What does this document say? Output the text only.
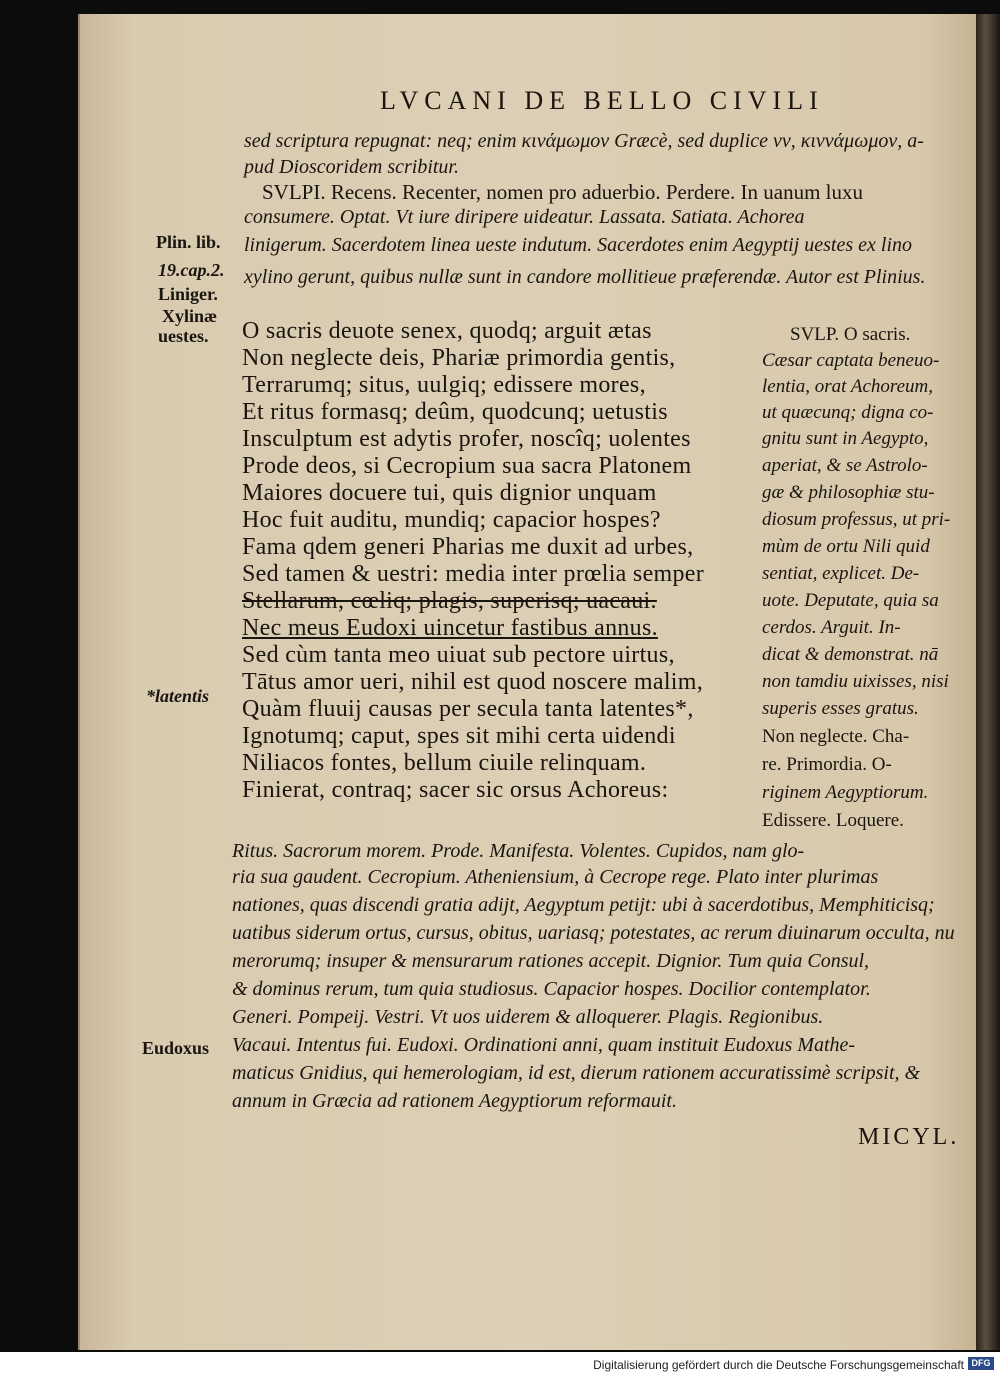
LVCANI DE BELLO CIVILI
sed scriptura repugnat: neq; enim κινάμωμον Græcè, sed duplice νν, κιννάμωμον, a-
pud Dioscoridem scribitur.
SVLPI. Recens. Recenter, nomen pro aduerbio. Perdere. In uanum luxu
consumere. Optat. Vt iure diripere uideatur. Lassata. Satiata. Achorea
linigerum. Sacerdotem linea ueste indutum. Sacerdotes enim Aegyptij uestes ex lino
xylino gerunt, quibus nullæ sunt in candore mollitieue præferendæ. Autor est Plinius.
Plin. lib.
19.cap.2.
Liniger.
Xylinæ
uestes.
*latentis
Eudoxus
O sacris deuote senex, quodq; arguit ætas
Non neglecte deis, Phariæ primordia gentis,
Terrarumq; situs, uulgiq; edissere mores,
Et ritus formasq; deûm, quodcunq; uetustis
Insculptum est adytis profer, noscîq; uolentes
Prode deos, si Cecropium sua sacra Platonem
Maiores docuere tui, quis dignior unquam
Hoc fuit auditu, mundiq; capacior hospes?
Fama qdem generi Pharias me duxit ad urbes,
Sed tamen & uestri: media inter prœlia semper
Stellarum, cœliq; plagis, superisq; uacaui.
Nec meus Eudoxi uincetur fastibus annus.
Sed cùm tanta meo uiuat sub pectore uirtus,
Tātus amor ueri, nihil est quod noscere malim,
Quàm fluuij causas per secula tanta latentes*,
Ignotumq; caput, spes sit mihi certa uidendi
Niliacos fontes, bellum ciuile relinquam.
Finierat, contraq; sacer sic orsus Achoreus:
SVLP. O sacris.
Cæsar captata beneuo-
lentia, orat Achoreum,
ut quæcunq; digna co-
gnitu sunt in Aegypto,
aperiat, & se Astrolo-
gæ & philosophiæ stu-
diosum professus, ut pri-
mùm de ortu Nili quid
sentiat, explicet. De-
uote. Deputate, quia sa
cerdos. Arguit. In-
dicat & demonstrat. nā
non tamdiu uixisses, nisi
superis esses gratus.
Non neglecte. Cha-
re. Primordia. O-
riginem Aegyptiorum.
Edissere. Loquere.
Ritus. Sacrorum morem. Prode. Manifesta. Volentes. Cupidos, nam glo-
ria sua gaudent. Cecropium. Atheniensium, à Cecrope rege. Plato inter plurimas
nationes, quas discendi gratia adijt, Aegyptum petijt: ubi à sacerdotibus, Memphiticisq;
uatibus siderum ortus, cursus, obitus, uariasq; potestates, ac rerum diuinarum occulta, nu
merorumq; insuper & mensurarum rationes accepit. Dignior. Tum quia Consul,
& dominus rerum, tum quia studiosus. Capacior hospes. Docilior contemplator.
Generi. Pompeij. Vestri. Vt uos uiderem & alloquerer. Plagis. Regionibus.
Vacaui. Intentus fui. Eudoxi. Ordinationi anni, quam instituit Eudoxus Mathe-
maticus Gnidius, qui hemerologiam, id est, dierum rationem accuratissimè scripsit, &
annum in Græcia ad rationem Aegyptiorum reformauit.
MICYL.
Digitalisierung gefördert durch die Deutsche Forschungsgemeinschaft DFG
